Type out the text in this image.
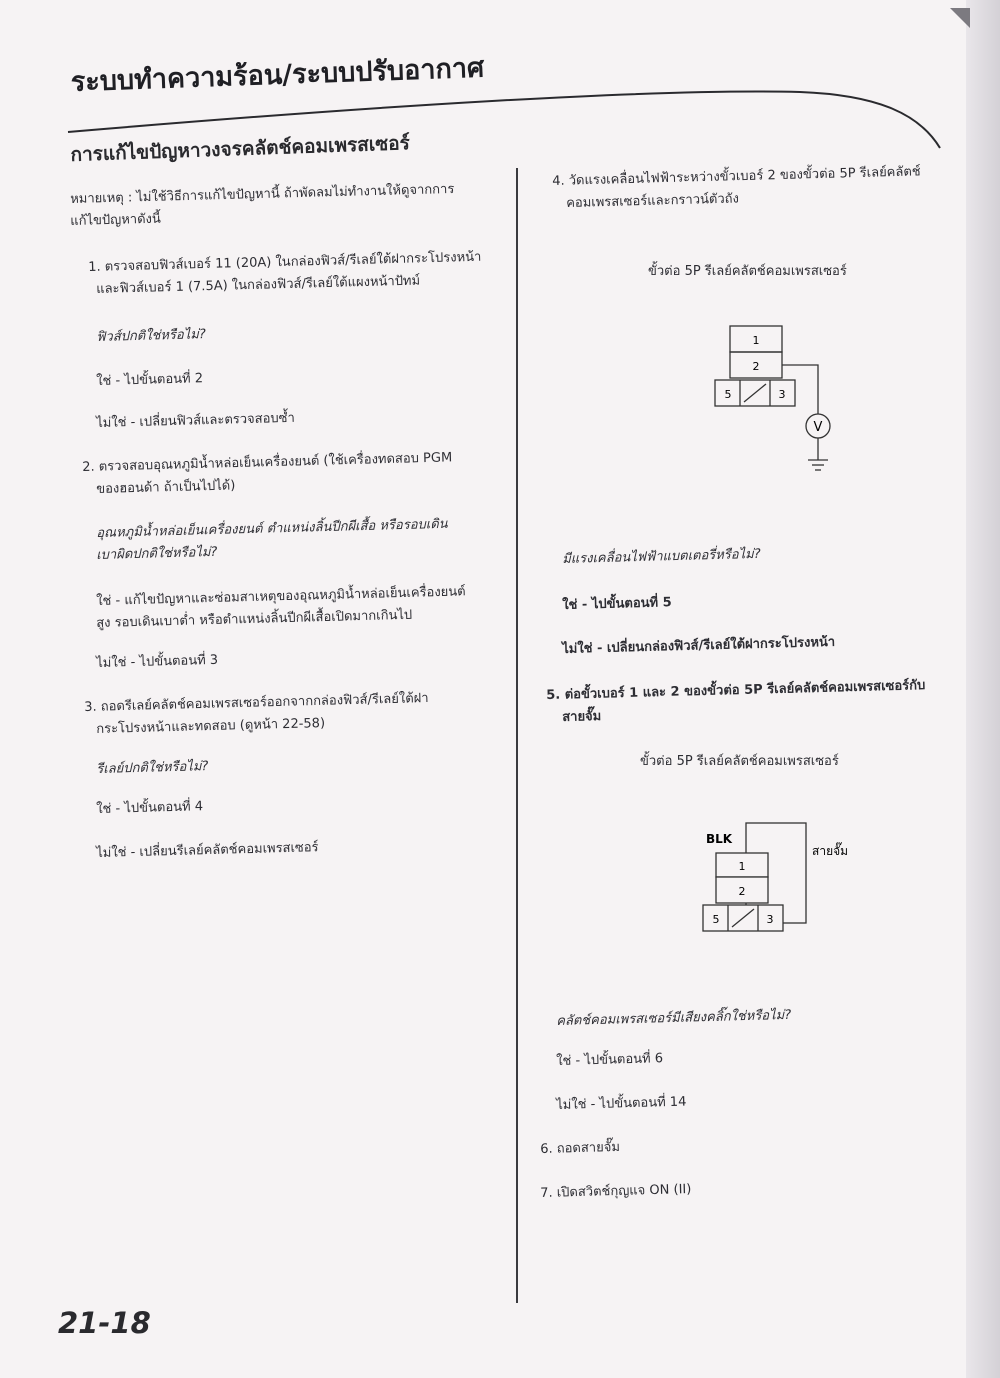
ระบบทำความร้อน/ระบบปรับอากาศ
การแก้ไขปัญหาวงจรคลัตช์คอมเพรสเซอร์
หมายเหตุ : ไม่ใช้วิธีการแก้ไขปัญหานี้ ถ้าพัดลมไม่ทำงานให้ดูจากการ
แก้ไขปัญหาดังนี้
1. ตรวจสอบฟิวส์เบอร์ 11 (20A) ในกล่องฟิวส์/รีเลย์ใต้ฝากระโปรงหน้า
และฟิวส์เบอร์ 1 (7.5A) ในกล่องฟิวส์/รีเลย์ใต้แผงหน้าปัทม์
ฟิวส์ปกติใช่หรือไม่?
ใช่ - ไปขั้นตอนที่ 2
ไม่ใช่ - เปลี่ยนฟิวส์และตรวจสอบซ้ำ
2. ตรวจสอบอุณหภูมิน้ำหล่อเย็นเครื่องยนต์ (ใช้เครื่องทดสอบ PGM
ของฮอนด้า ถ้าเป็นไปได้)
อุณหภูมิน้ำหล่อเย็นเครื่องยนต์ ตำแหน่งลิ้นปีกผีเสื้อ หรือรอบเดิน
เบาผิดปกติใช่หรือไม่?
ใช่ - แก้ไขปัญหาและซ่อมสาเหตุของอุณหภูมิน้ำหล่อเย็นเครื่องยนต์
สูง รอบเดินเบาต่ำ หรือตำแหน่งลิ้นปีกผีเสื้อเปิดมากเกินไป
ไม่ใช่ - ไปขั้นตอนที่ 3
3. ถอดรีเลย์คลัตช์คอมเพรสเซอร์ออกจากกล่องฟิวส์/รีเลย์ใต้ฝา
กระโปรงหน้าและทดสอบ (ดูหน้า 22-58)
รีเลย์ปกติใช่หรือไม่?
ใช่ - ไปขั้นตอนที่ 4
ไม่ใช่ - เปลี่ยนรีเลย์คลัตช์คอมเพรสเซอร์
4. วัดแรงเคลื่อนไฟฟ้าระหว่างขั้วเบอร์ 2 ของขั้วต่อ 5P รีเลย์คลัตช์
คอมเพรสเซอร์และกราวน์ตัวถัง
ขั้วต่อ 5P รีเลย์คลัตช์คอมเพรสเซอร์
1
2
5	3
V
มีแรงเคลื่อนไฟฟ้าแบตเตอรี่หรือไม่?
ใช่ - ไปขั้นตอนที่ 5
ไม่ใช่ - เปลี่ยนกล่องฟิวส์/รีเลย์ใต้ฝากระโปรงหน้า
5. ต่อขั้วเบอร์ 1 และ 2 ของขั้วต่อ 5P รีเลย์คลัตช์คอมเพรสเซอร์กับ
สายจั๊ม
ขั้วต่อ 5P รีเลย์คลัตช์คอมเพรสเซอร์
BLK
สายจั๊ม
1
2
5	3
คลัตช์คอมเพรสเซอร์มีเสียงคลิ๊กใช่หรือไม่?
ใช่ - ไปขั้นตอนที่ 6
ไม่ใช่ - ไปขั้นตอนที่ 14
6. ถอดสายจั๊ม
7. เปิดสวิตช์กุญแจ ON (II)
21-18
